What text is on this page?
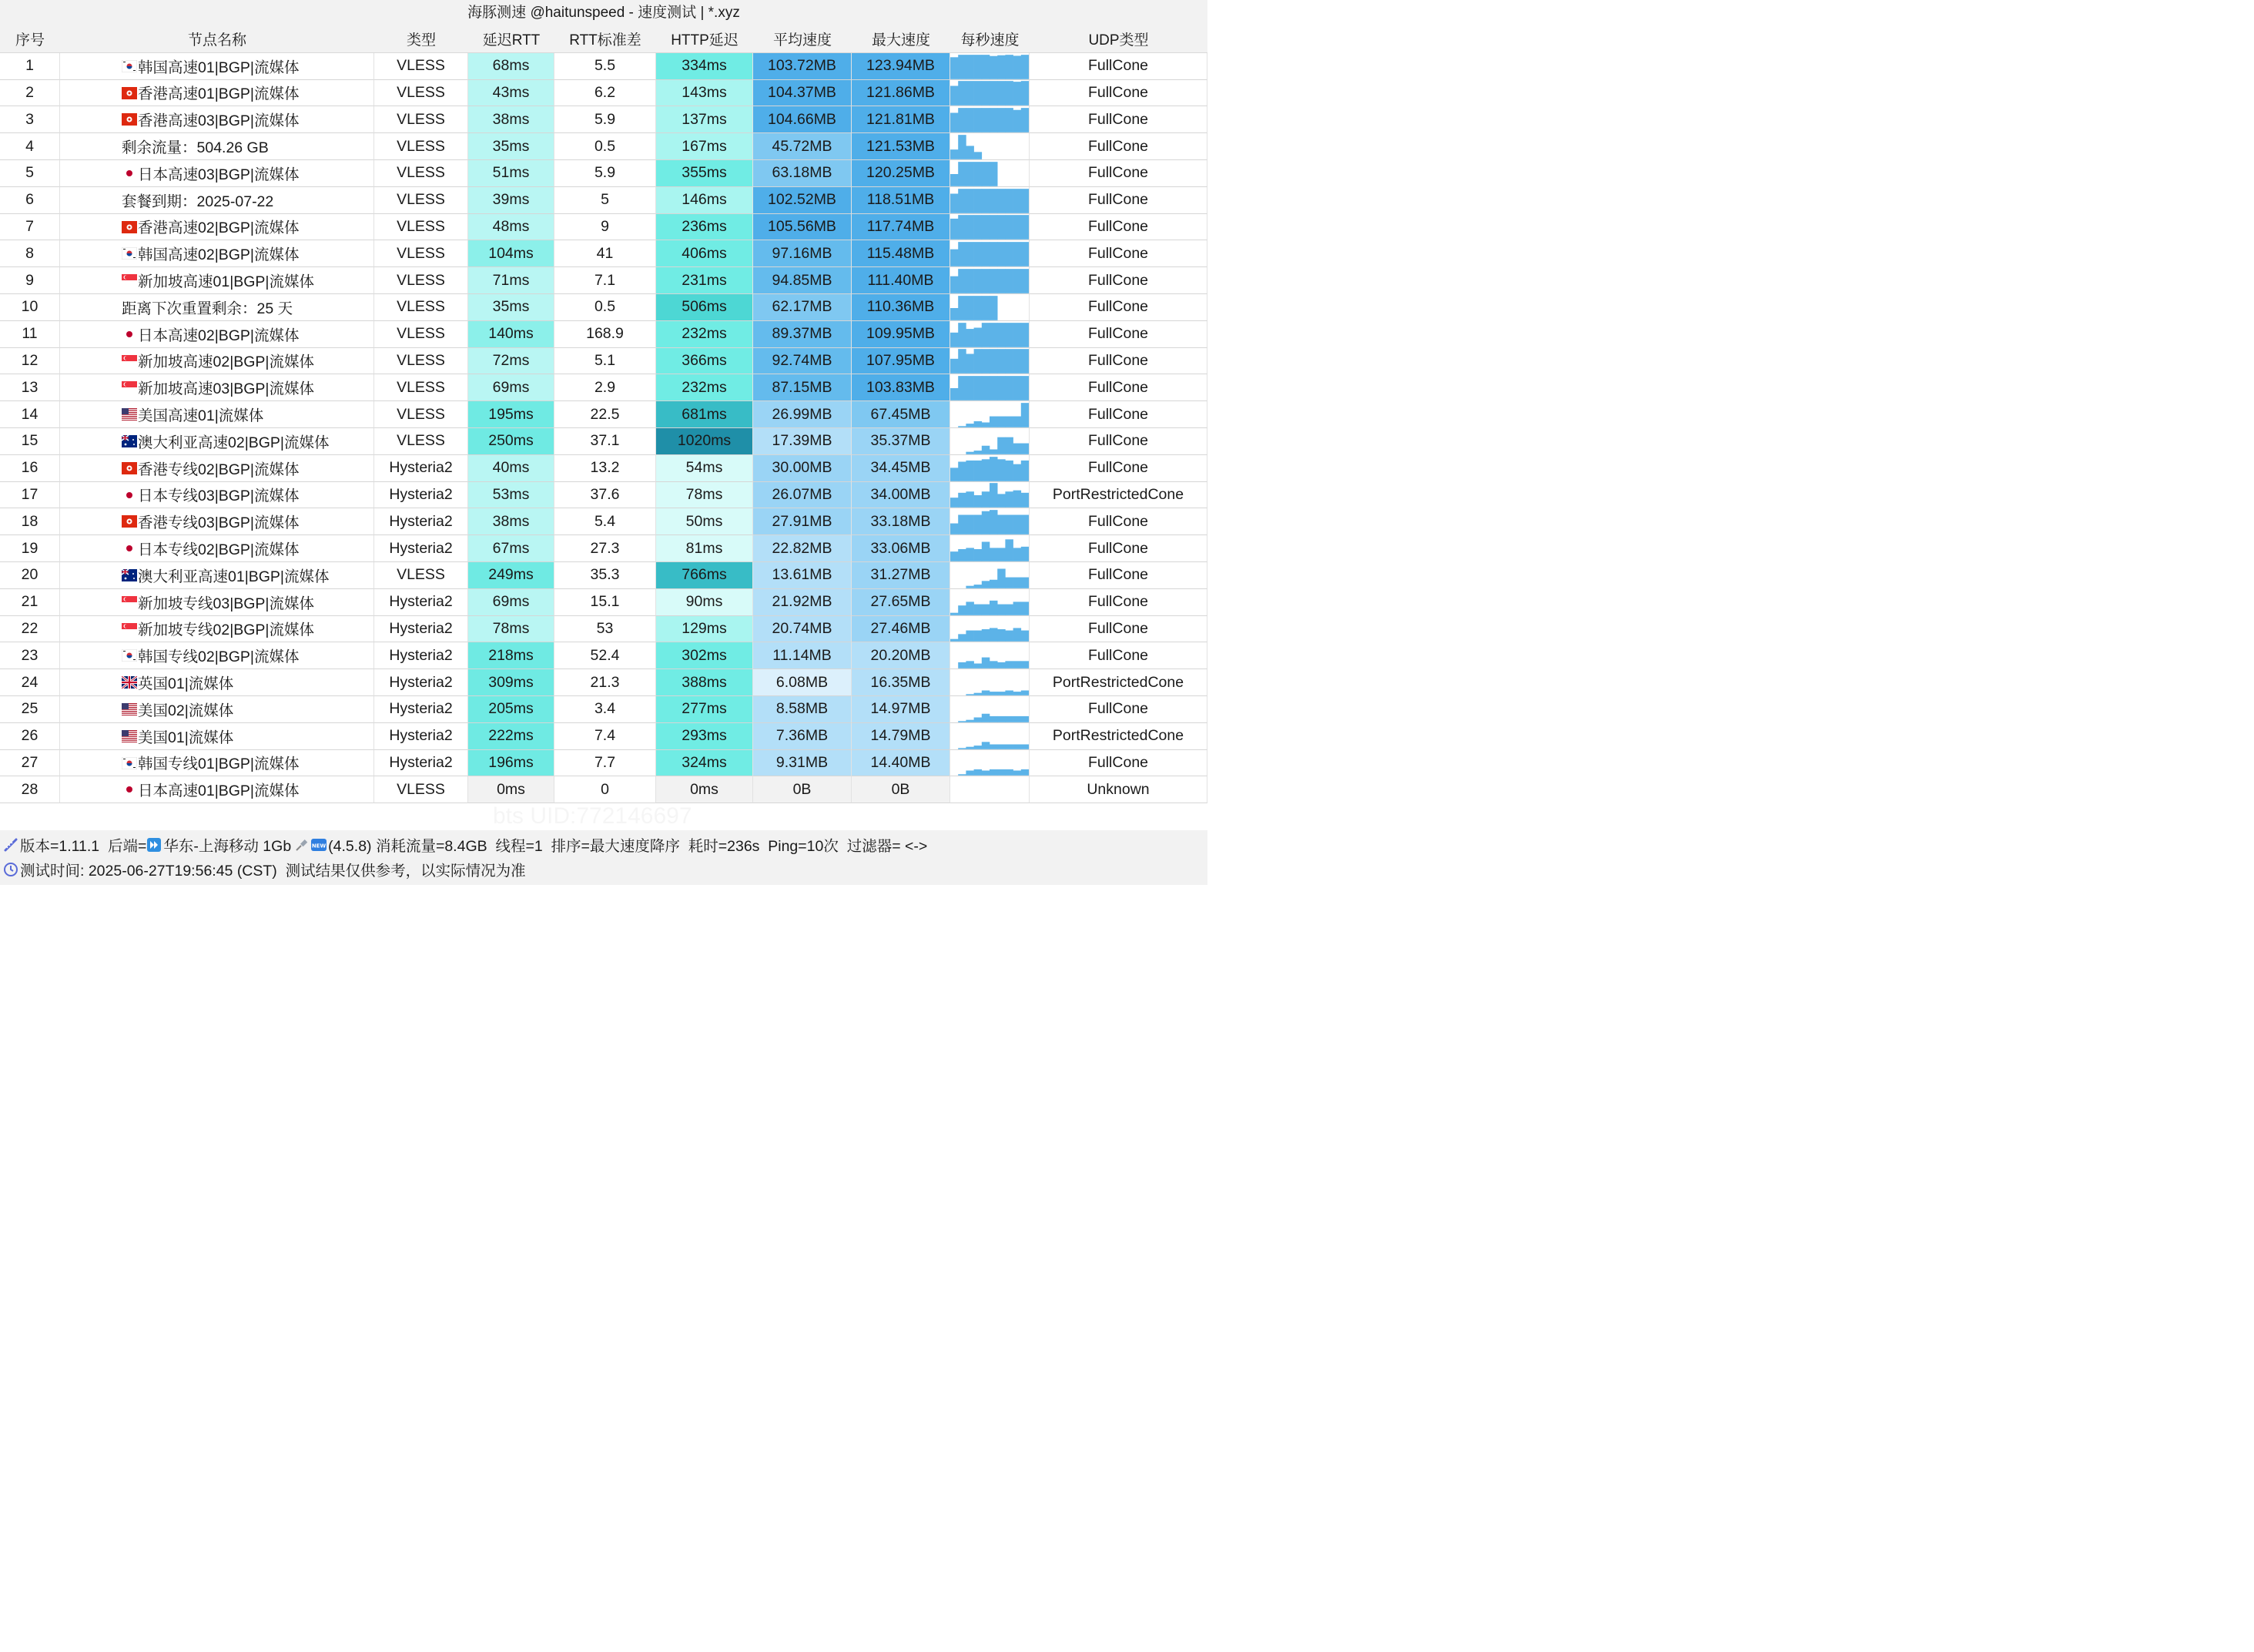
海豚测速 @haitunspeed - 速度测试 | *.xyz
序号	节点名称	类型	延迟RTT	RTT标准差	HTTP延迟	平均速度	最大速度	每秒速度	UDP类型
1	韩国高速01|BGP|流媒体	VLESS	68ms	5.5	334ms	103.72MB	123.94MB	FullCone
2	香港高速01|BGP|流媒体	VLESS	43ms	6.2	143ms	104.37MB	121.86MB	FullCone
3	香港高速03|BGP|流媒体	VLESS	38ms	5.9	137ms	104.66MB	121.81MB	FullCone
4	剩余流量：504.26 GB	VLESS	35ms	0.5	167ms	45.72MB	121.53MB	FullCone
5	日本高速03|BGP|流媒体	VLESS	51ms	5.9	355ms	63.18MB	120.25MB	FullCone
6	套餐到期：2025-07-22	VLESS	39ms	5	146ms	102.52MB	118.51MB	FullCone
7	香港高速02|BGP|流媒体	VLESS	48ms	9	236ms	105.56MB	117.74MB	FullCone
8	韩国高速02|BGP|流媒体	VLESS	104ms	41	406ms	97.16MB	115.48MB	FullCone
9	新加坡高速01|BGP|流媒体	VLESS	71ms	7.1	231ms	94.85MB	111.40MB	FullCone
10	距离下次重置剩余：25 天	VLESS	35ms	0.5	506ms	62.17MB	110.36MB	FullCone
11	日本高速02|BGP|流媒体	VLESS	140ms	168.9	232ms	89.37MB	109.95MB	FullCone
12	新加坡高速02|BGP|流媒体	VLESS	72ms	5.1	366ms	92.74MB	107.95MB	FullCone
13	新加坡高速03|BGP|流媒体	VLESS	69ms	2.9	232ms	87.15MB	103.83MB	FullCone
14	美国高速01|流媒体	VLESS	195ms	22.5	681ms	26.99MB	67.45MB	FullCone
15	澳大利亚高速02|BGP|流媒体	VLESS	250ms	37.1	1020ms	17.39MB	35.37MB	FullCone
16	香港专线02|BGP|流媒体	Hysteria2	40ms	13.2	54ms	30.00MB	34.45MB	FullCone
17	日本专线03|BGP|流媒体	Hysteria2	53ms	37.6	78ms	26.07MB	34.00MB	PortRestrictedCone
18	香港专线03|BGP|流媒体	Hysteria2	38ms	5.4	50ms	27.91MB	33.18MB	FullCone
19	日本专线02|BGP|流媒体	Hysteria2	67ms	27.3	81ms	22.82MB	33.06MB	FullCone
20	澳大利亚高速01|BGP|流媒体	VLESS	249ms	35.3	766ms	13.61MB	31.27MB	FullCone
21	新加坡专线03|BGP|流媒体	Hysteria2	69ms	15.1	90ms	21.92MB	27.65MB	FullCone
22	新加坡专线02|BGP|流媒体	Hysteria2	78ms	53	129ms	20.74MB	27.46MB	FullCone
23	韩国专线02|BGP|流媒体	Hysteria2	218ms	52.4	302ms	11.14MB	20.20MB	FullCone
24	英国01|流媒体	Hysteria2	309ms	21.3	388ms	6.08MB	16.35MB	PortRestrictedCone
25	美国02|流媒体	Hysteria2	205ms	3.4	277ms	8.58MB	14.97MB	FullCone
26	美国01|流媒体	Hysteria2	222ms	7.4	293ms	7.36MB	14.79MB	PortRestrictedCone
27	韩国专线01|BGP|流媒体	Hysteria2	196ms	7.7	324ms	9.31MB	14.40MB	FullCone
28	日本高速01|BGP|流媒体	VLESS	0ms	0	0ms	0B	0B	Unknown
版本=1.11.1  后端= 华东-上海移动 1Gb	NEW (4.5.8) 消耗流量=8.4GB  线程=1  排序=最大速度降序  耗时=236s  Ping=10次  过滤器= <->
测试时间: 2025-06-27T19:56:45 (CST)  测试结果仅供参考，以实际情况为准
